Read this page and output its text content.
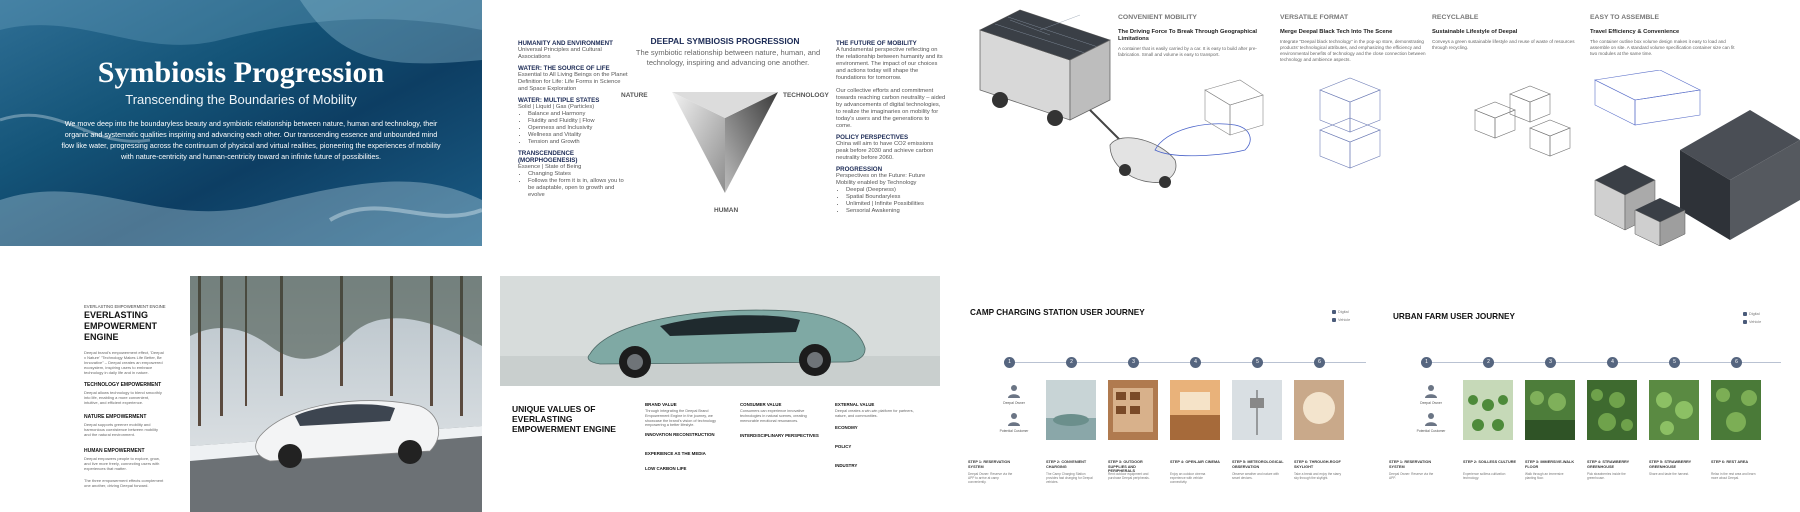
Symbiosis Progression
Transcending the Boundaries of Mobility
We move deep into the boundaryless beauty and symbiotic relationship between nature, human and technology, their organic and systematic qualities inspiring and advancing each other. Our transcending essence and unbounded mind flow like water, progressing across the continuum of physical and virtual realities, pioneering the experiences of mobility with nature-centricity and human-centricity toward an infinite future of possibilities.
HUMANITY AND ENVIRONMENT
Universal Principles and Cultural Associations
WATER: THE SOURCE OF LIFE
Essential to All Living Beings on the Planet Definition for Life: Life Forms in Science and Space Exploration
WATER: MULTIPLE STATES
Solid | Liquid | Gas (Particles)
• Balance and Harmony
• Fluidity and Fluidity | Flow
• Openness and Inclusivity
• Wellness and Vitality
• Tension and Growth
TRANSCENDENCE (MORPHOGENESIS)
Essence | State of Being
• Changing States
• Follows the form it is in, allows you to be adaptable, open to growth and evolve
DEEPAL SYMBIOSIS PROGRESSION
The symbiotic relationship between nature, human, and technology, inspiring and advancing one another.
NATURE	TECHNOLOGY
HUMAN
THE FUTURE OF MOBILITY
A fundamental perspective reflecting on the relationship between humanity and its environment. The impact of our choices and actions today will shape the foundations for tomorrow.
Our collective efforts and commitment towards reaching carbon neutrality – aided by advancements of digital technologies, to realize the imaginaries on mobility for today's users and the generations to come.
POLICY PERSPECTIVES
China will aim to have CO2 emissions peak before 2030 and achieve carbon neutrality before 2060.
PROGRESSION
Perspectives on the Future: Future Mobility enabled by Technology
• Deepal (Deepness)
• Spatial Boundaryless
• Unlimited | Infinite Possibilities
• Sensorial Awakening
CONVENIENT MOBILITY
The Driving Force To Break Through Geographical Limitations
A container that is easily carried by a car. It is easy to build after pre-fabrication. Small and volume is easy to transport.
VERSATILE FORMAT
Merge Deepal Black Tech Into The Scene
Integrate "Deepal black technology" in the pop-up store, demonstrating products' technological attributes, and emphasizing the efficiency and environmental benefits of technology and the close connection between technology and ambience aspects.
RECYCLABLE
Sustainable Lifestyle of Deepal
Conveys a green sustainable lifestyle and reuse of waste of resources through recycling.
EASY TO ASSEMBLE
Travel Efficiency & Convenience
The container outline box volume design makes it easy to load and assemble on site. A standard volume specification container size can fit two modules at the same time.
EVERLASTING EMPOWERMENT ENGINE
EVERLASTING EMPOWERMENT ENGINE
Deepal brand's empowerment effect, 'Deepal x Nature' "Technology Makes Life Better, Be Innovative" – Deepal creates an empowered ecosystem, inspiring users to embrace technology in daily life and in nature.
TECHNOLOGY EMPOWERMENT
Deepal allows technology to blend smoothly into life, enabling a more convenient, intuitive, and efficient experience.
NATURE EMPOWERMENT
Deepal supports greener mobility and harmonious coexistence between mobility and the natural environment.
HUMAN EMPOWERMENT
Deepal empowers people to explore, grow, and live more freely, connecting users with experiences that matter.
The three empowerment effects complement one another, driving Deepal forward.
UNIQUE VALUES OF EVERLASTING EMPOWERMENT ENGINE
BRAND VALUE
Through integrating the Deepal Brand Empowerment Engine in the journey, we showcase the brand's vision of technology empowering a better lifestyle.
INNOVATION RECONSTRUCTION
EXPERIENCE AS THE MEDIA
LOW CARBON LIFE
CONSUMER VALUE
Consumers can experience innovative technologies in natural scenes, creating memorable emotional resonances.
INTERDISCIPLINARY PERSPECTIVES
EXTERNAL VALUE
Deepal creates a win-win platform for partners, nature, and communities.
ECONOMY
POLICY
INDUSTRY
CAMP CHARGING STATION USER JOURNEY	Digital
Vehicle
1	2	3	4	5	6
Deepal Owner
Potential Customer
STEP 1: RESERVATION SYSTEM
Deepal Owner: Reserve via the APP to arrive at camp conveniently.
STEP 2: CONVENIENT CHARGING
The Camp Charging Station provides fast charging for Deepal vehicles.
STEP 3: OUTDOOR SUPPLIES AND PERIPHERALS
Rent outdoor equipment and purchase Deepal peripherals.
STEP 4: OPEN-AIR CINEMA
Enjoy an outdoor cinema experience with vehicle connectivity.
STEP 5: METEOROLOGICAL OBSERVATION
Observe weather and nature with smart devices.
STEP 6: THROUGH-ROOF SKYLIGHT
Take a break and enjoy the starry sky through the skylight.
URBAN FARM USER JOURNEY	Digital
Vehicle
1	2	3	4	5	6
Deepal Owner
Potential Customer
STEP 1: RESERVATION SYSTEM
Deepal Owner: Reserve via the APP.
STEP 2: SOILLESS CULTURE
Experience soilless cultivation technology.
STEP 3: IMMERSIVE-WALK FLOOR
Walk through an immersive planting floor.
STEP 4: STRAWBERRY GREENHOUSE
Pick strawberries inside the greenhouse.
STEP 5: STRAWBERRY GREENHOUSE
Share and taste the harvest.
STEP 6: REST AREA
Relax in the rest area and learn more about Deepal.
